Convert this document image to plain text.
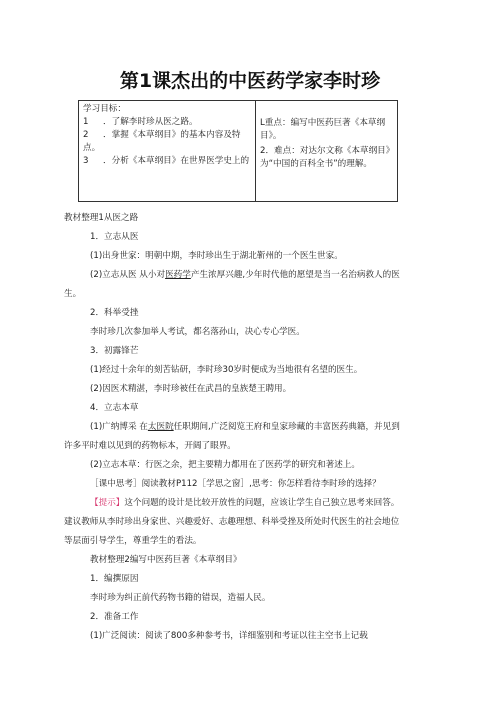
第1课杰出的中医药学家李时珍
学习目标：
1	．了解李时珍从医之路。
2	．掌握《本草纲目》的基本内容及特
点。
3	．分析《本草纲目》在世界医学史上的

L重点：编写中医药巨著《本草纲
目》。
2．难点：对达尔文称《本草纲目》
为“中国的百科全书”的理解。
教材整理1从医之路
1．立志从医
(1)出身世家：明朝中期，李时珍出生于湖北靳州的一个医生世家。
(2)立志从医 从小对医药学产生浓厚兴趣,少年时代他的愿望是当一名治病救人的医
生。
2．科举受挫
李时珍几次参加举人考试，都名落孙山，决心专心学医。
3．初露锋芒
(1)经过十余年的刻苦钻研，李时珍30岁时便成为当地很有名望的医生。
(2)因医术精湛，李时珍被任在武昌的皇族楚王聘用。
4．立志本草
(1)广纳博采 在太医院任职期间,广泛阅览王府和皇家珍藏的丰富医药典籍，并见到
许多平时难以见到的药物标本，开阔了眼界。
(2)立志本草：行医之余，把主要精力都用在了医药学的研究和著述上。
［课中思考］阅读教材P112［学思之窗］,思考：你怎样看待李时珍的选择？
【提示】这个问题的设计是比较开放性的问题，应该让学生自己独立思考来回答。
建议教师从李时珍出身家世、兴趣爱好、志趣理想、科举受挫及所处时代医生的社会地位
等层面引导学生，尊重学生的看法。
教材整理2编写中医药巨著《本草纲目》
1．编撰原因
李时珍为纠正前代药物书籍的错误，造福人民。
2．准备工作
(1)广泛阅读：阅读了800多种参考书，详细鉴别和考证以往主空书上记载
